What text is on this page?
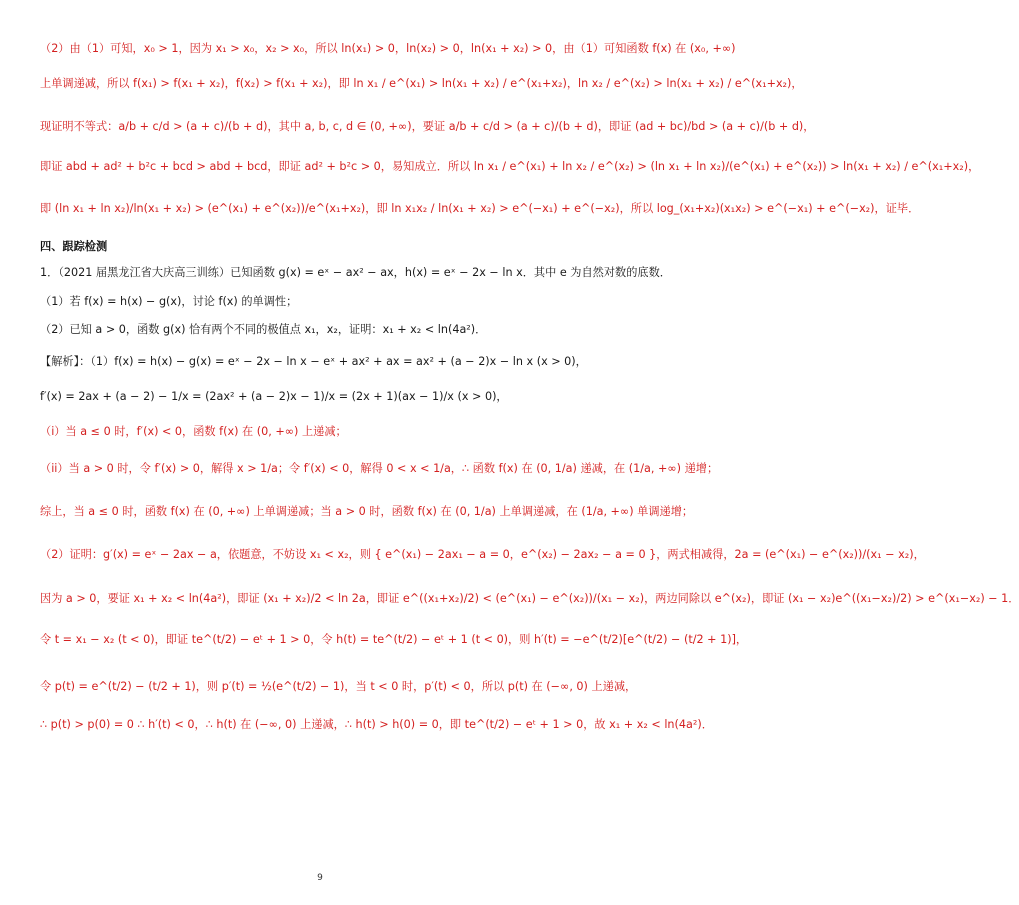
（2）由（1）可知，x₀ > 1，因为 x₁ > x₀，x₂ > x₀，所以 ln(x₁) > 0，ln(x₂) > 0，ln(x₁ + x₂) > 0，由（1）可知函数 f(x) 在 (x₀, +∞)
上单调递减，所以 f(x₁) > f(x₁ + x₂)，f(x₂) > f(x₁ + x₂)，即 ln x₁ / e^(x₁) > ln(x₁ + x₂) / e^(x₁+x₂)，ln x₂ / e^(x₂) > ln(x₁ + x₂) / e^(x₁+x₂)，
现证明不等式：a/b + c/d > (a + c)/(b + d)，其中 a, b, c, d ∈ (0, +∞)，要证 a/b + c/d > (a + c)/(b + d)，即证 (ad + bc)/bd > (a + c)/(b + d)，
即证 abd + ad² + b²c + bcd > abd + bcd，即证 ad² + b²c > 0，易知成立．所以 ln x₁ / e^(x₁) + ln x₂ / e^(x₂) > (ln x₁ + ln x₂)/(e^(x₁) + e^(x₂)) > ln(x₁ + x₂) / e^(x₁+x₂)，
即 (ln x₁ + ln x₂)/ln(x₁ + x₂) > (e^(x₁) + e^(x₂))/e^(x₁+x₂)，即 ln x₁x₂ / ln(x₁ + x₂) > e^(−x₁) + e^(−x₂)，所以 log_(x₁+x₂)(x₁x₂) > e^(−x₁) + e^(−x₂)，证毕．
四、跟踪检测
1．（2021 届黑龙江省大庆高三训练）已知函数 g(x) = eˣ − ax² − ax，h(x) = eˣ − 2x − ln x．其中 e 为自然对数的底数．
（1）若 f(x) = h(x) − g(x)，讨论 f(x) 的单调性；
（2）已知 a > 0，函数 g(x) 恰有两个不同的极值点 x₁，x₂，证明：x₁ + x₂ < ln(4a²)．
【解析】：（1）f(x) = h(x) − g(x) = eˣ − 2x − ln x − eˣ + ax² + ax = ax² + (a − 2)x − ln x (x > 0)，
f′(x) = 2ax + (a − 2) − 1/x = (2ax² + (a − 2)x − 1)/x = (2x + 1)(ax − 1)/x (x > 0)，
（i）当 a ≤ 0 时，f′(x) < 0，函数 f(x) 在 (0, +∞) 上递减；
（ii）当 a > 0 时，令 f′(x) > 0，解得 x > 1/a；令 f′(x) < 0，解得 0 < x < 1/a，∴ 函数 f(x) 在 (0, 1/a) 递减，在 (1/a, +∞) 递增；
综上，当 a ≤ 0 时，函数 f(x) 在 (0, +∞) 上单调递减；当 a > 0 时，函数 f(x) 在 (0, 1/a) 上单调递减，在 (1/a, +∞) 单调递增；
（2）证明：g′(x) = eˣ − 2ax − a，依题意，不妨设 x₁ < x₂，则 { e^(x₁) − 2ax₁ − a = 0，e^(x₂) − 2ax₂ − a = 0 }，两式相减得，2a = (e^(x₁) − e^(x₂))/(x₁ − x₂)，
因为 a > 0，要证 x₁ + x₂ < ln(4a²)，即证 (x₁ + x₂)/2 < ln 2a，即证 e^((x₁+x₂)/2) < (e^(x₁) − e^(x₂))/(x₁ − x₂)，两边同除以 e^(x₂)，即证 (x₁ − x₂)e^((x₁−x₂)/2) > e^(x₁−x₂) − 1．
令 t = x₁ − x₂ (t < 0)，即证 te^(t/2) − eᵗ + 1 > 0，令 h(t) = te^(t/2) − eᵗ + 1 (t < 0)，则 h′(t) = −e^(t/2)[e^(t/2) − (t/2 + 1)]，
令 p(t) = e^(t/2) − (t/2 + 1)，则 p′(t) = ½(e^(t/2) − 1)，当 t < 0 时，p′(t) < 0，所以 p(t) 在 (−∞, 0) 上递减，
∴ p(t) > p(0) = 0 ∴ h′(t) < 0，∴ h(t) 在 (−∞, 0) 上递减，∴ h(t) > h(0) = 0，即 te^(t/2) − eᵗ + 1 > 0，故 x₁ + x₂ < ln(4a²)．
9
